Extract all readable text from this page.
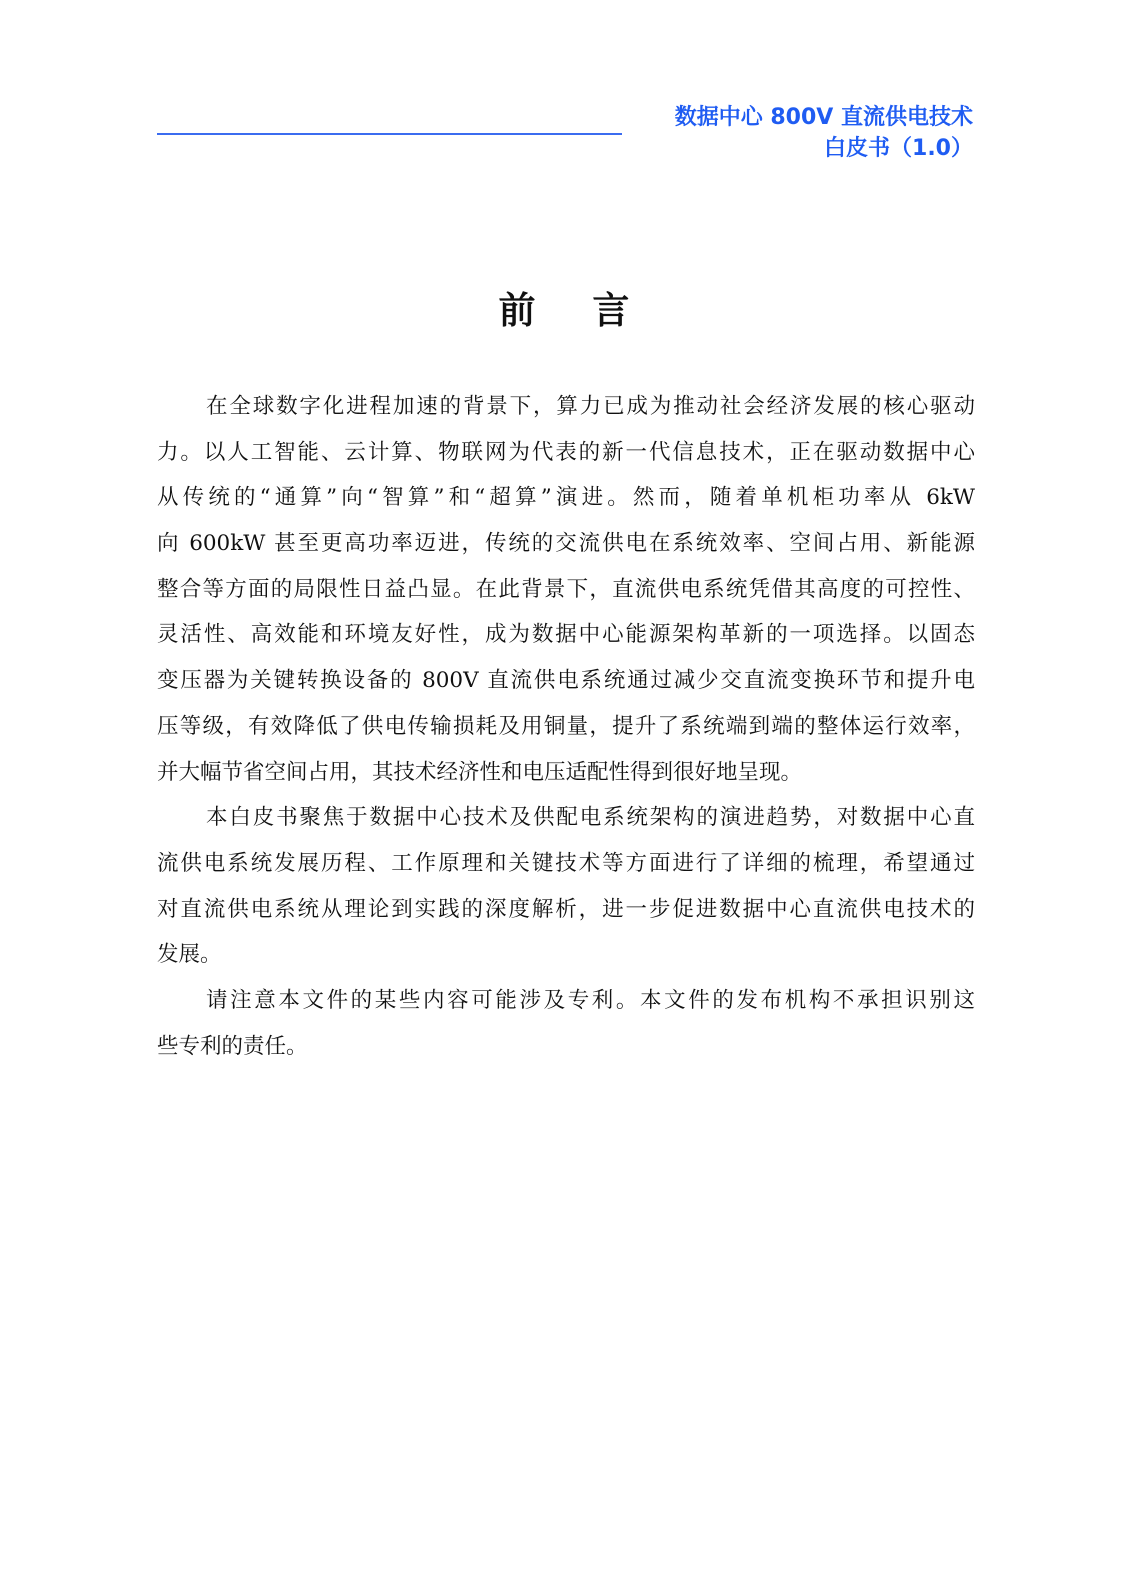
数据中心 800V 直流供电技术
白皮书（1.0）
前 言
在全球数字化进程加速的背景下，算力已成为推动社会经济发展的核心驱动
力。以人工智能、云计算、物联网为代表的新一代信息技术，正在驱动数据中心
从传统的“通算”向“智算”和“超算”演进。然而，随着单机柜功率从 6kW
向 600kW 甚至更高功率迈进，传统的交流供电在系统效率、空间占用、新能源
整合等方面的局限性日益凸显。在此背景下，直流供电系统凭借其高度的可控性、
灵活性、高效能和环境友好性，成为数据中心能源架构革新的一项选择。以固态
变压器为关键转换设备的 800V 直流供电系统通过减少交直流变换环节和提升电
压等级，有效降低了供电传输损耗及用铜量，提升了系统端到端的整体运行效率，
并大幅节省空间占用，其技术经济性和电压适配性得到很好地呈现。
本白皮书聚焦于数据中心技术及供配电系统架构的演进趋势，对数据中心直
流供电系统发展历程、工作原理和关键技术等方面进行了详细的梳理，希望通过
对直流供电系统从理论到实践的深度解析，进一步促进数据中心直流供电技术的
发展。
请注意本文件的某些内容可能涉及专利。本文件的发布机构不承担识别这
些专利的责任。
